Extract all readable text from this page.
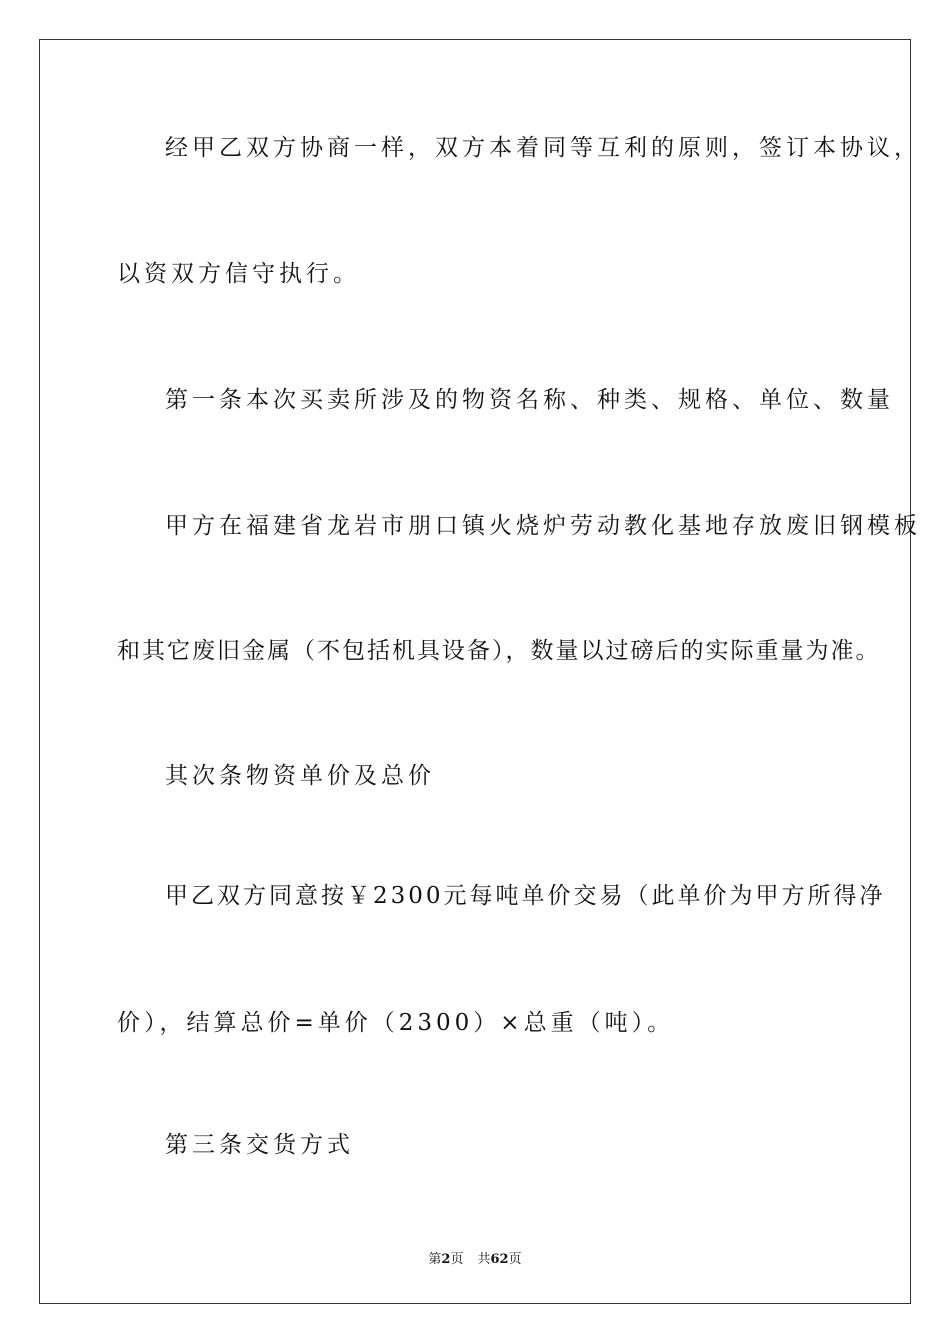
经甲乙双方协商一样，双方本着同等互利的原则，签订本协议，
以资双方信守执行。
第一条本次买卖所涉及的物资名称、种类、规格、单位、数量
甲方在福建省龙岩市朋口镇火烧炉劳动教化基地存放废旧钢模板
和其它废旧金属（不包括机具设备），数量以过磅后的实际重量为准。
其次条物资单价及总价
甲乙双方同意按￥2300元每吨单价交易（此单价为甲方所得净
价），结算总价=单价（2300）×总重（吨）。
第三条交货方式
第2页 共62页
